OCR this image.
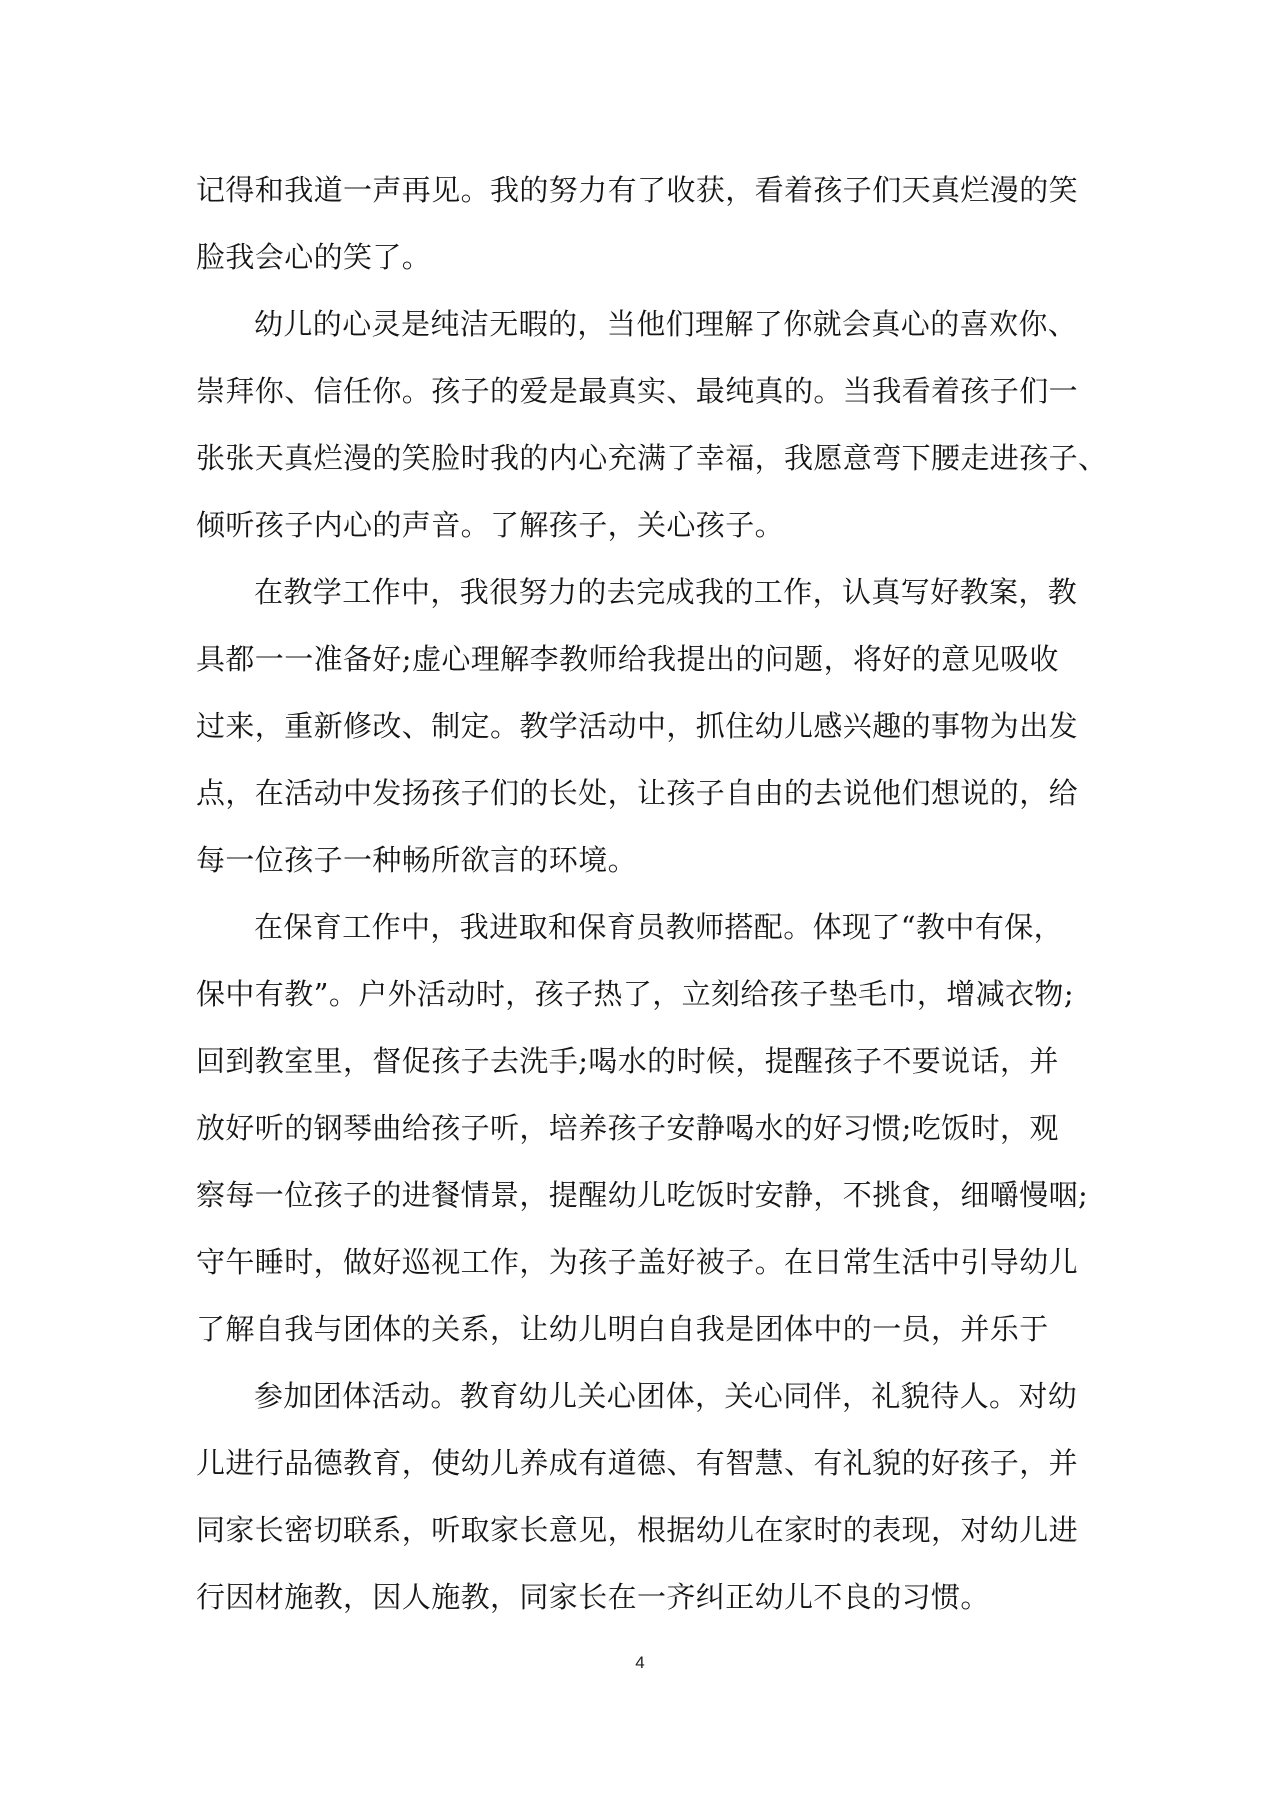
记得和我道一声再见。我的努力有了收获，看着孩子们天真烂漫的笑
脸我会心的笑了。
幼儿的心灵是纯洁无暇的，当他们理解了你就会真心的喜欢你、
崇拜你、信任你。孩子的爱是最真实、最纯真的。当我看着孩子们一
张张天真烂漫的笑脸时我的内心充满了幸福，我愿意弯下腰走进孩子、
倾听孩子内心的声音。了解孩子，关心孩子。
在教学工作中，我很努力的去完成我的工作，认真写好教案，教
具都一一准备好;虚心理解李教师给我提出的问题，将好的意见吸收
过来，重新修改、制定。教学活动中，抓住幼儿感兴趣的事物为出发
点，在活动中发扬孩子们的长处，让孩子自由的去说他们想说的，给
每一位孩子一种畅所欲言的环境。
在保育工作中，我进取和保育员教师搭配。体现了“教中有保，
保中有教”。户外活动时，孩子热了，立刻给孩子垫毛巾，增减衣物;
回到教室里，督促孩子去洗手;喝水的时候，提醒孩子不要说话，并
放好听的钢琴曲给孩子听，培养孩子安静喝水的好习惯;吃饭时，观
察每一位孩子的进餐情景，提醒幼儿吃饭时安静，不挑食，细嚼慢咽;
守午睡时，做好巡视工作，为孩子盖好被子。在日常生活中引导幼儿
了解自我与团体的关系，让幼儿明白自我是团体中的一员，并乐于
参加团体活动。教育幼儿关心团体，关心同伴，礼貌待人。对幼
儿进行品德教育，使幼儿养成有道德、有智慧、有礼貌的好孩子，并
同家长密切联系，听取家长意见，根据幼儿在家时的表现，对幼儿进
行因材施教，因人施教，同家长在一齐纠正幼儿不良的习惯。
4
